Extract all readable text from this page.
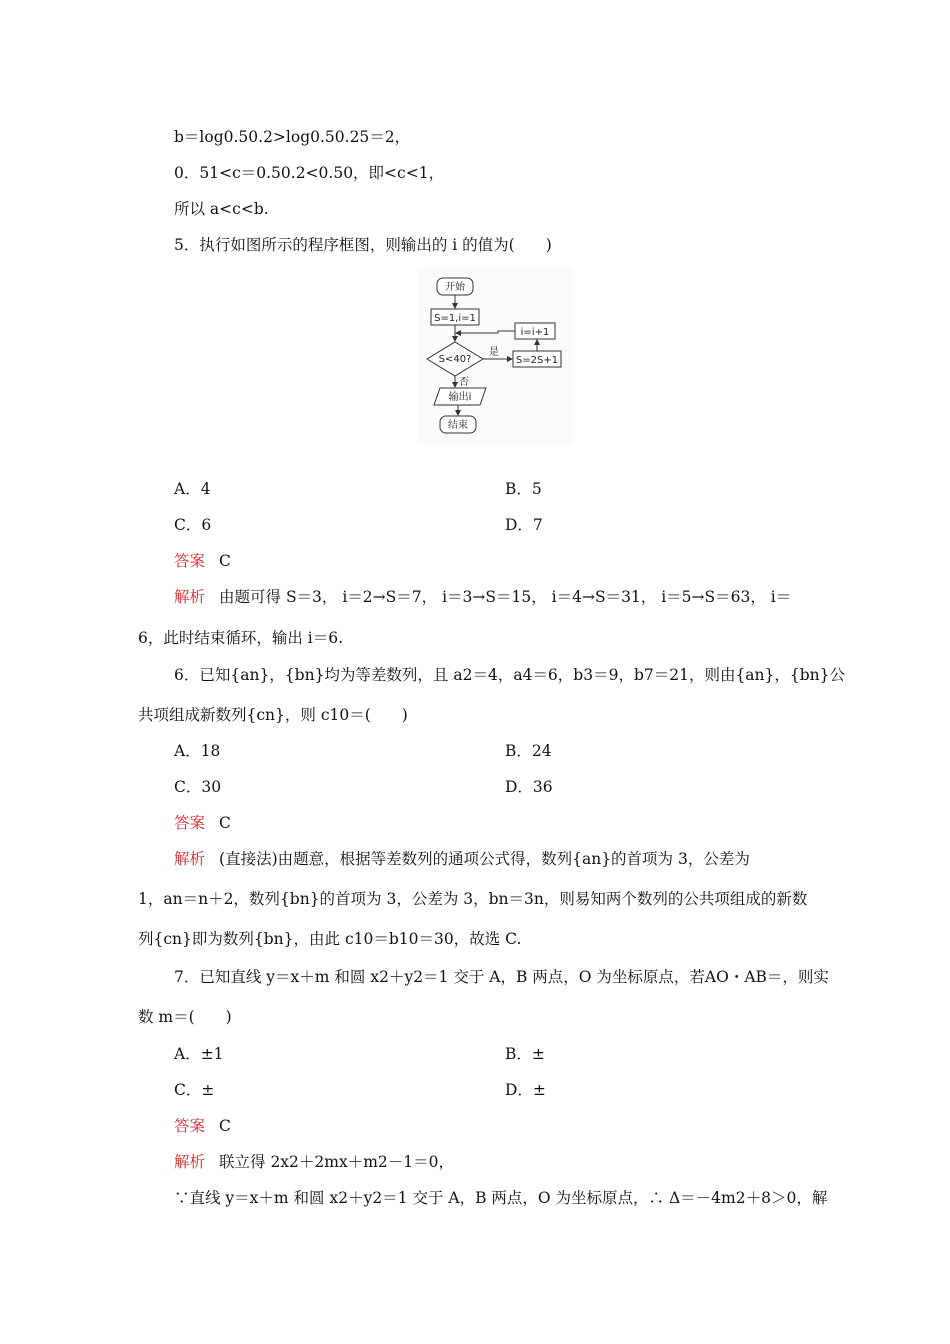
b＝log0.50.2>log0.50.25＝2，
0．51<c＝0.50.2<0.50，即<c<1，
所以 a<c<b.
5．执行如图所示的程序框图，则输出的 i 的值为(　　)
开始
S=1,i=1
S<40?
是
S=2S+1
i=i+1
否
输出i
结束
A．4	B．5
C．6	D．7
答案 C
解析 由题可得 S＝3， i＝2→S＝7， i＝3→S＝15， i＝4→S＝31， i＝5→S＝63， i＝
6，此时结束循环，输出 i＝6.
6．已知{an}，{bn}均为等差数列，且 a2＝4，a4＝6，b3＝9，b7＝21，则由{an}，{bn}公
共项组成新数列{cn}，则 c10＝(　　)
A．18	B．24
C．30	D．36
答案 C
解析 (直接法)由题意，根据等差数列的通项公式得，数列{an}的首项为 3，公差为
1，an＝n＋2，数列{bn}的首项为 3，公差为 3，bn＝3n，则易知两个数列的公共项组成的新数
列{cn}即为数列{bn}，由此 c10＝b10＝30，故选 C.
7．已知直线 y＝x＋m 和圆 x2＋y2＝1 交于 A，B 两点，O 为坐标原点，若AO・AB＝，则实
数 m＝(　　)
A．±1	B．±
C．±	D．±
答案 C
解析 联立得 2x2＋2mx＋m2－1＝0，
∵直线 y＝x＋m 和圆 x2＋y2＝1 交于 A，B 两点，O 为坐标原点，∴ Δ＝－4m2＋8＞0，解
